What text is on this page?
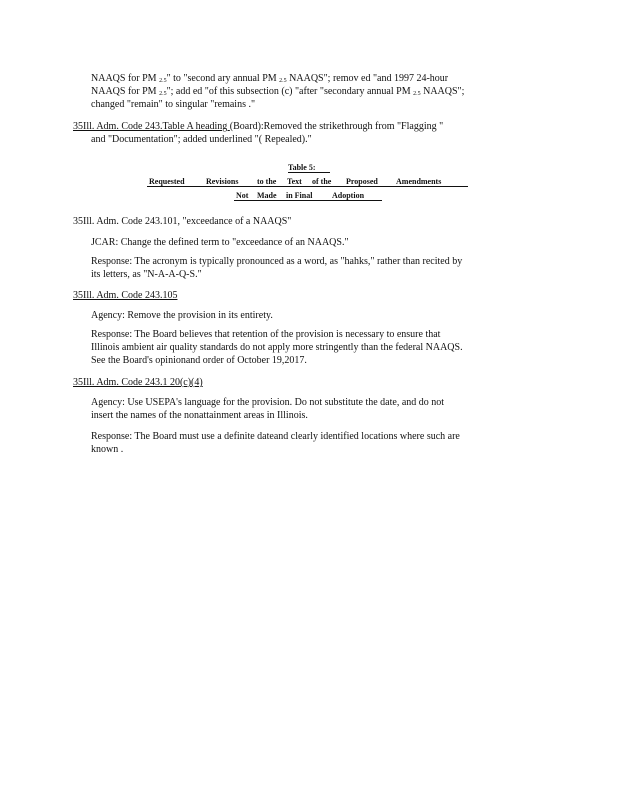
NAAQS for PM 2.5" to "second ary annual PM 2.5 NAAQS"; remov ed "and 1997 24-hour
NAAQS for PM 2.5"; add ed "of this subsection (c) "after "secondary annual PM 2.5 NAAQS";
changed "remain" to singular "remains ."
35Ill. Adm. Code 243.Table A heading (Board):Removed the strikethrough from "Flagging "
and "Documentation"; added underlined "( Repealed)."
Table 5:
Requested	Revisions to the Text of the Proposed Amendments
Not Made in Final Adoption
35Ill. Adm. Code 243.101, "exceedance of a NAAQS"
JCAR: Change the defined term to "exceedance of an NAAQS."
Response: The acronym is typically pronounced as a word, as "hahks," rather than recited by
its letters, as "N-A-A-Q-S."
35Ill. Adm. Code 243.105
Agency: Remove the provision in its entirety.
Response: The Board believes that retention of the provision is necessary to ensure that
Illinois ambient air quality standards do not apply more stringently than the federal NAAQS.
See the Board's opinionand order of October 19,2017.
35Ill. Adm. Code 243.1 20(c)(4)
Agency: Use USEPA's language for the provision. Do not substitute the date, and do not
insert the names of the nonattainment areas in Illinois.
Response: The Board must use a definite dateand clearly identified locations where such are
known .
